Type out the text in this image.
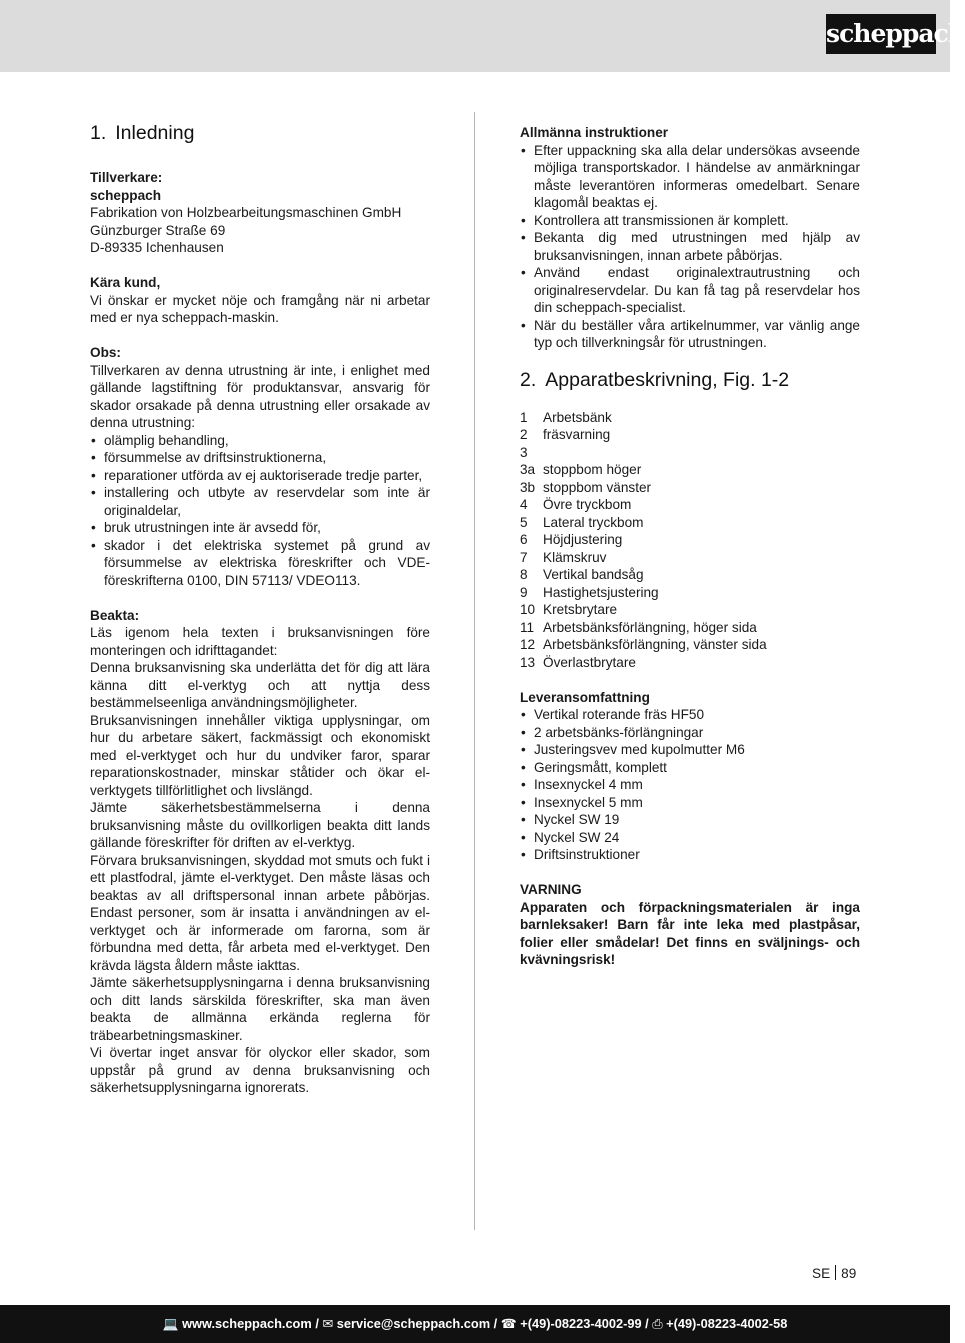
scheppach
1. Inledning
Tillverkare:
scheppach
Fabrikation von Holzbearbeitungsmaschinen GmbH
Günzburger Straße 69
D-89335 Ichenhausen
Kära kund,

Vi önskar er mycket nöje och framgång när ni arbetar med er nya scheppach-maskin.

Obs:

Tillverkaren av denna utrustning är inte, i enlighet med gällande lagstiftning för produktansvar, ansvarig för skador orsakade på denna utrustning eller orsakade av denna utrustning:

• olämplig behandling,
• försummelse av driftsinstruktionerna,
• reparationer utförda av ej auktoriserade tredje parter,
• installering och utbyte av reservdelar som inte är originaldelar,
• bruk utrustningen inte är avsedd för,
• skador i det elektriska systemet på grund av försummelse av elektriska föreskrifter och VDE-föreskrifterna 0100, DIN 57113/ VDEO113.
Beakta:

Läs igenom hela texten i bruksanvisningen före monteringen och idrifttagandet:

Denna bruksanvisning ska underlätta det för dig att lära känna ditt el-verktyg och att nyttja dess bestämmelseenliga användningsmöjligheter.

Bruksanvisningen innehåller viktiga upplysningar, om hur du arbetare säkert, fackmässigt och ekonomiskt med el-verktyget och hur du undviker faror, sparar reparationskostnader, minskar ståtider och ökar el-verktygets tillförlitlighet och livslängd.

Jämte säkerhetsbestämmelserna i denna bruksanvisning måste du ovillkorligen beakta ditt lands gällande föreskrifter för driften av el-verktyg.

Förvara bruksanvisningen, skyddad mot smuts och fukt i ett plastfodral, jämte el-verktyget. Den måste läsas och beaktas av all driftspersonal innan arbete påbörjas. Endast personer, som är insatta i användningen av el-verktyget och är informerade om farorna, som är förbundna med detta, får arbeta med el-verktyget. Den krävda lägsta åldern måste iakttas.

Jämte säkerhetsupplysningarna i denna bruksanvisning och ditt lands särskilda föreskrifter, ska man även beakta de allmänna erkända reglerna för träbearbetningsmaskiner.

Vi övertar inget ansvar för olyckor eller skador, som uppstår på grund av denna bruksanvisning och säkerhetsupplysningarna ignorerats.

Allmänna instruktioner
• Efter uppackning ska alla delar undersökas avseende möjliga transportskador. I händelse av anmärkningar måste leverantören informeras omedelbart. Senare klagomål beaktas ej.
• Kontrollera att transmissionen är komplett.
• Bekanta dig med utrustningen med hjälp av bruksanvisningen, innan arbete påbörjas.
• Använd endast originalextrautrustning och originalreservdelar. Du kan få tag på reservdelar hos din scheppach-specialist.
• När du beställer våra artikelnummer, var vänlig ange typ och tillverkningsår för utrustningen.
2. Apparatbeskrivning, Fig. 1-2
1	Arbetsbänk
2	fräsvarning
3
3a stoppbom höger
3b stoppbom vänster
4	Övre tryckbom
5	Lateral tryckbom
6	Höjdjustering
7	Klämskruv
8	Vertikal bandsåg
9	Hastighetsjustering
10 Kretsbrytare
11 Arbetsbänksförlängning, höger sida
12 Arbetsbänksförlängning, vänster sida
13 Överlastbrytare
Leveransomfattning
• Vertikal roterande fräs HF50
• 2 arbetsbänks-förlängningar
• Justeringsvev med kupolmutter M6
• Geringsmått, komplett
• Insexnyckel 4 mm
• Insexnyckel 5 mm
• Nyckel SW 19
• Nyckel SW 24
• Driftsinstruktioner
VARNING

Apparaten och förpackningsmaterialen är inga barnleksaker! Barn får inte leka med plastpåsar, folier eller smådelar! Det finns en sväljnings- och kvävningsrisk!

SE 89
💻 www.scheppach.com / ✉ service@scheppach.com / ☎ +(49)-08223-4002-99 / ⎙ +(49)-08223-4002-58
